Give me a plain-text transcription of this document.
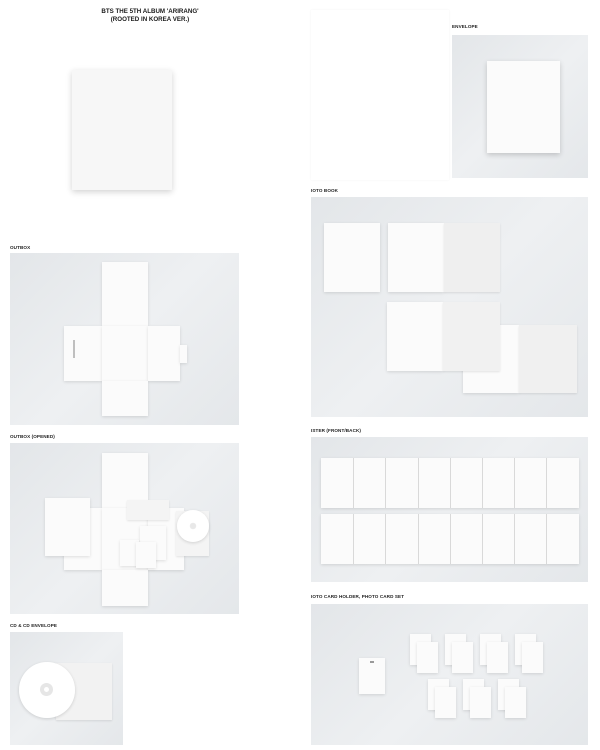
BTS THE 5TH ALBUM 'ARIRANG'
(ROOTED IN KOREA VER.)
OUTBOX
OUTBOX (OPENED)
CD & CD ENVELOPE
ENVELOPE
IOTO BOOK
ISTER (FRONT/BACK)
IOTO CARD HOLDER, PHOTO CARD SET
